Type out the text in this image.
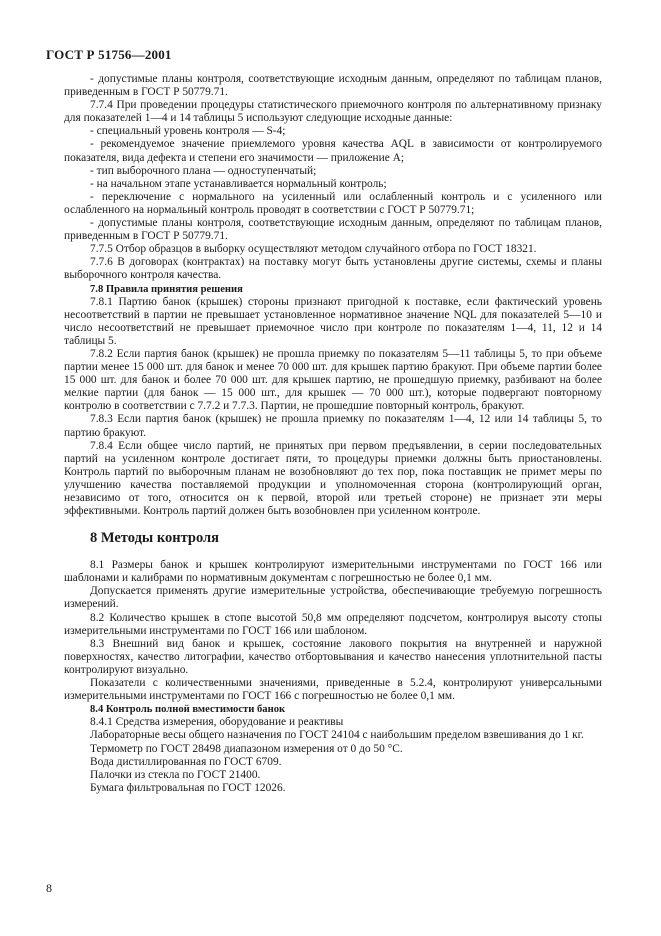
ГОСТ Р 51756—2001

- допустимые планы контроля, соответствующие исходным данным, определяют по таблицам планов, приведенным в ГОСТ Р 50779.71.

7.7.4 При проведении процедуры статистического приемочного контроля по альтернативному признаку для показателей 1—4 и 14 таблицы 5 используют следующие исходные данные:

- специальный уровень контроля — S-4;

- рекомендуемое значение приемлемого уровня качества AQL в зависимости от контролируемого показателя, вида дефекта и степени его значимости — приложение А;

- тип выборочного плана — одноступенчатый;

- на начальном этапе устанавливается нормальный контроль;

- переключение с нормального на усиленный или ослабленный контроль и с усиленного или ослабленного на нормальный контроль проводят в соответствии с ГОСТ Р 50779.71;

- допустимые планы контроля, соответствующие исходным данным, определяют по таблицам планов, приведенным в ГОСТ Р 50779.71.

7.7.5 Отбор образцов в выборку осуществляют методом случайного отбора по ГОСТ 18321.

7.7.6 В договорах (контрактах) на поставку могут быть установлены другие системы, схемы и планы выборочного контроля качества.

7.8 Правила принятия решения

7.8.1 Партию банок (крышек) стороны признают пригодной к поставке, если фактический уровень несоответствий в партии не превышает установленное нормативное значение NQL для показателей 5—10 и число несоответствий не превышает приемочное число при контроле по показателям 1—4, 11, 12 и 14 таблицы 5.

7.8.2 Если партия банок (крышек) не прошла приемку по показателям 5—11 таблицы 5, то при объеме партии менее 15 000 шт. для банок и менее 70 000 шт. для крышек партию бракуют. При объеме партии более 15 000 шт. для банок и более 70 000 шт. для крышек партию, не прошедшую приемку, разбивают на более мелкие партии (для банок — 15 000 шт., для крышек — 70 000 шт.), которые подвергают повторному контролю в соответствии с 7.7.2 и 7.7.3. Партии, не прошедшие повторный контроль, бракуют.

7.8.3 Если партия банок (крышек) не прошла приемку по показателям 1—4, 12 или 14 таблицы 5, то партию бракуют.

7.8.4 Если общее число партий, не принятых при первом предъявлении, в серии последовательных партий на усиленном контроле достигает пяти, то процедуры приемки должны быть приостановлены. Контроль партий по выборочным планам не возобновляют до тех пор, пока поставщик не примет меры по улучшению качества поставляемой продукции и уполномоченная сторона (контролирующий орган, независимо от того, относится он к первой, второй или третьей стороне) не признает эти меры эффективными. Контроль партий должен быть возобновлен при усиленном контроле.

8 Методы контроля

8.1 Размеры банок и крышек контролируют измерительными инструментами по ГОСТ 166 или шаблонами и калибрами по нормативным документам с погрешностью не более 0,1 мм.

Допускается применять другие измерительные устройства, обеспечивающие требуемую погрешность измерений.

8.2 Количество крышек в стопе высотой 50,8 мм определяют подсчетом, контролируя высоту стопы измерительными инструментами по ГОСТ 166 или шаблоном.

8.3 Внешний вид банок и крышек, состояние лакового покрытия на внутренней и наружной поверхностях, качество литографии, качество отбортовывания и качество нанесения уплотнительной пасты контролируют визуально.

Показатели с количественными значениями, приведенные в 5.2.4, контролируют универсальными измерительными инструментами по ГОСТ 166 с погрешностью не более 0,1 мм.

8.4 Контроль полной вместимости банок

8.4.1 Средства измерения, оборудование и реактивы

Лабораторные весы общего назначения по ГОСТ 24104 с наибольшим пределом взвешивания до 1 кг.

Термометр по ГОСТ 28498 диапазоном измерения от 0 до 50 °С.

Вода дистиллированная по ГОСТ 6709.

Палочки из стекла по ГОСТ 21400.

Бумага фильтровальная по ГОСТ 12026.

8
